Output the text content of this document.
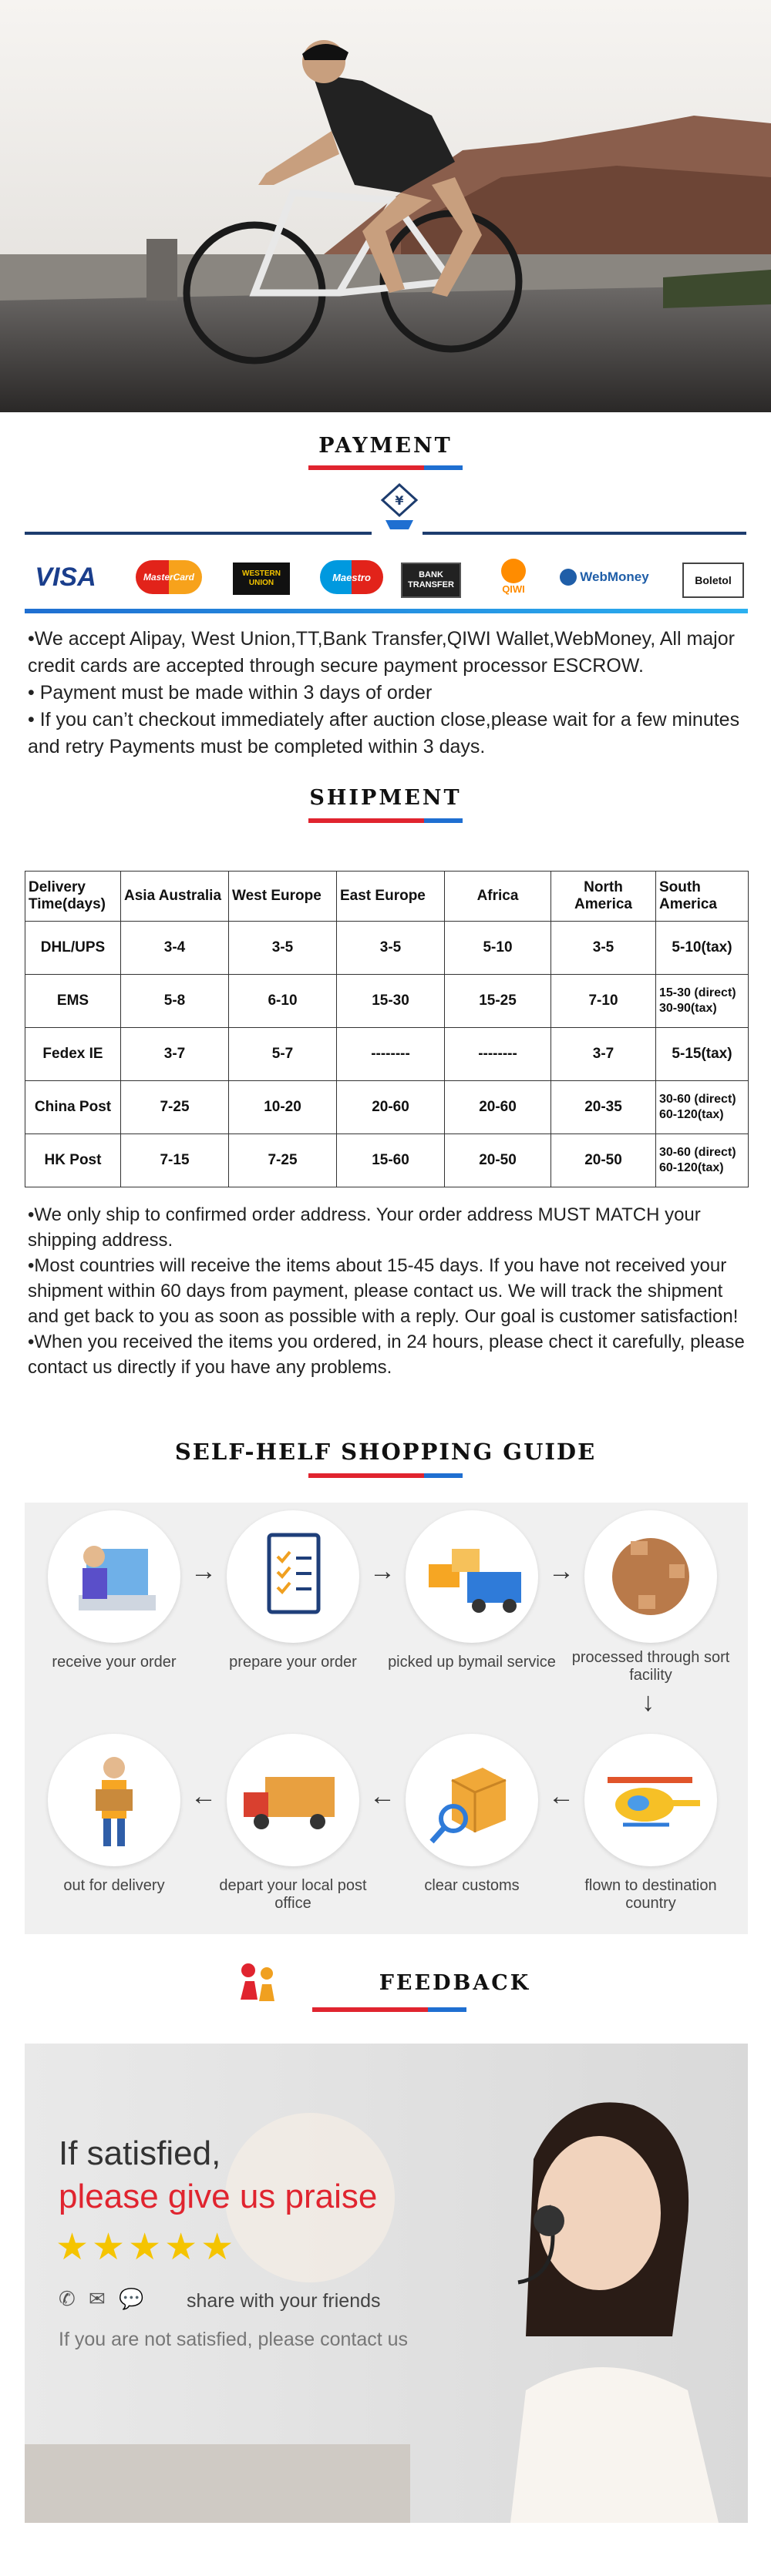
PAYMENT
¥
VISA	MasterCard	WESTERN UNION	Maestro	BANK TRANSFER	QIWI
WebMoney	Boletol

•We accept Alipay, West Union,TT,Bank Transfer,QIWI Wallet,WebMoney, All major credit cards are accepted through secure payment processor ESCROW.

• Payment must be made within 3 days of order

• If you can’t checkout immediately after auction close,please wait for a few minutes and retry Payments must be completed within 3 days.

SHIPMENT
Delivery Time(days)	Asia Australia	West Europe	East Europe	Africa	North America	South America
DHL/UPS	3-4	3-5	3-5	5-10	3-5	5-10(tax)
EMS	5-8	6-10	15-30	15-25	7-10	15-30 (direct) 30-90(tax)
Fedex IE	3-7	5-7	--------	--------	3-7	5-15(tax)
China Post	7-25	10-20	20-60	20-60	20-35	30-60 (direct) 60-120(tax)
HK Post	7-15	7-25	15-60	20-50	20-50	30-60 (direct) 60-120(tax)

•We only ship to confirmed order address. Your order address MUST MATCH your shipping address.

•Most countries will receive the items about 15-45 days. If you have not received your shipment within 60 days from payment, please contact us. We will track the shipment and get back to you as soon as possible with a reply. Our goal is customer satisfaction!

•When you received the items you ordered, in 24 hours, please chect it carefully, please contact us directly if you have any problems.

SELF-HELF SHOPPING GUIDE
receive your order	prepare your order	picked up bymail service	processed through sort facility
→	→	→
↓
flown to destination country
clear customs
depart your local post office
out for delivery
←
←
←
FEEDBACK
If satisfied,
please give us praise
★★★★★
✆ ✉ 💬 share with your friends
If you are not satisfied, please contact us
